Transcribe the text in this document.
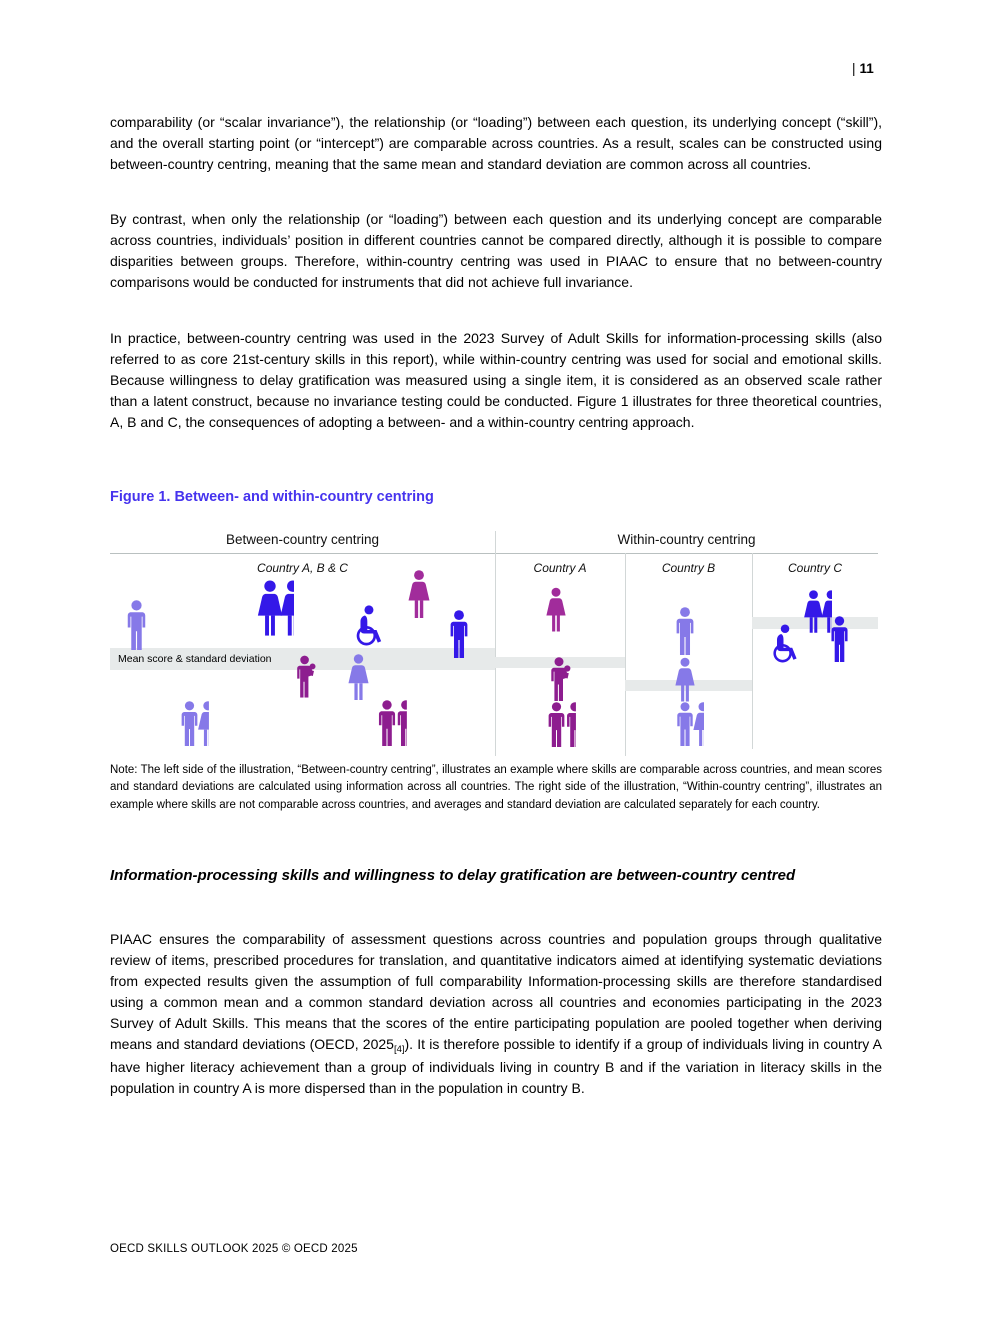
| 11

comparability (or “scalar invariance”), the relationship (or “loading”) between each question, its underlying concept (“skill”), and the overall starting point (or “intercept”) are comparable across countries. As a result, scales can be constructed using between-country centring, meaning that the same mean and standard deviation are common across all countries.

By contrast, when only the relationship (or “loading”) between each question and its underlying concept are comparable across countries, individuals’ position in different countries cannot be compared directly, although it is possible to compare disparities between groups. Therefore, within-country centring was used in PIAAC to ensure that no between-country comparisons would be conducted for instruments that did not achieve full invariance.

In practice, between-country centring was used in the 2023 Survey of Adult Skills for information-processing skills (also referred to as core 21st-century skills in this report), while within-country centring was used for social and emotional skills. Because willingness to delay gratification was measured using a single item, it is considered as an observed scale rather than a latent construct, because no invariance testing could be conducted. Figure 1 illustrates for three theoretical countries, A, B and C, the consequences of adopting a between- and a within-country centring approach.

Figure 1. Between- and within-country centring
Between-country centring	Within-country centring
Country A, B & C	Country A	Country B	Country C
Mean score & standard deviation
Note: The left side of the illustration, “Between-country centring”, illustrates an example where skills are comparable across countries, and mean scores and standard deviations are calculated using information across all countries. The right side of the illustration, “Within-country centring”, illustrates an example where skills are not comparable across countries, and averages and standard deviation are calculated separately for each country.
Information-processing skills and willingness to delay gratification are between-country centred

PIAAC ensures the comparability of assessment questions across countries and population groups through qualitative review of items, prescribed procedures for translation, and quantitative indicators aimed at identifying systematic deviations from expected results given the assumption of full comparability Information-processing skills are therefore standardised using a common mean and a common standard deviation across all countries and economies participating in the 2023 Survey of Adult Skills. This means that the scores of the entire participating population are pooled together when deriving means and standard deviations (OECD, $2025_{[4]}$). It is therefore possible to identify if a group of individuals living in country A have higher literacy achievement than a group of individuals living in country B and if the variation in literacy skills in the population in country A is more dispersed than in the population in country B.

OECD SKILLS OUTLOOK 2025 © OECD 2025
